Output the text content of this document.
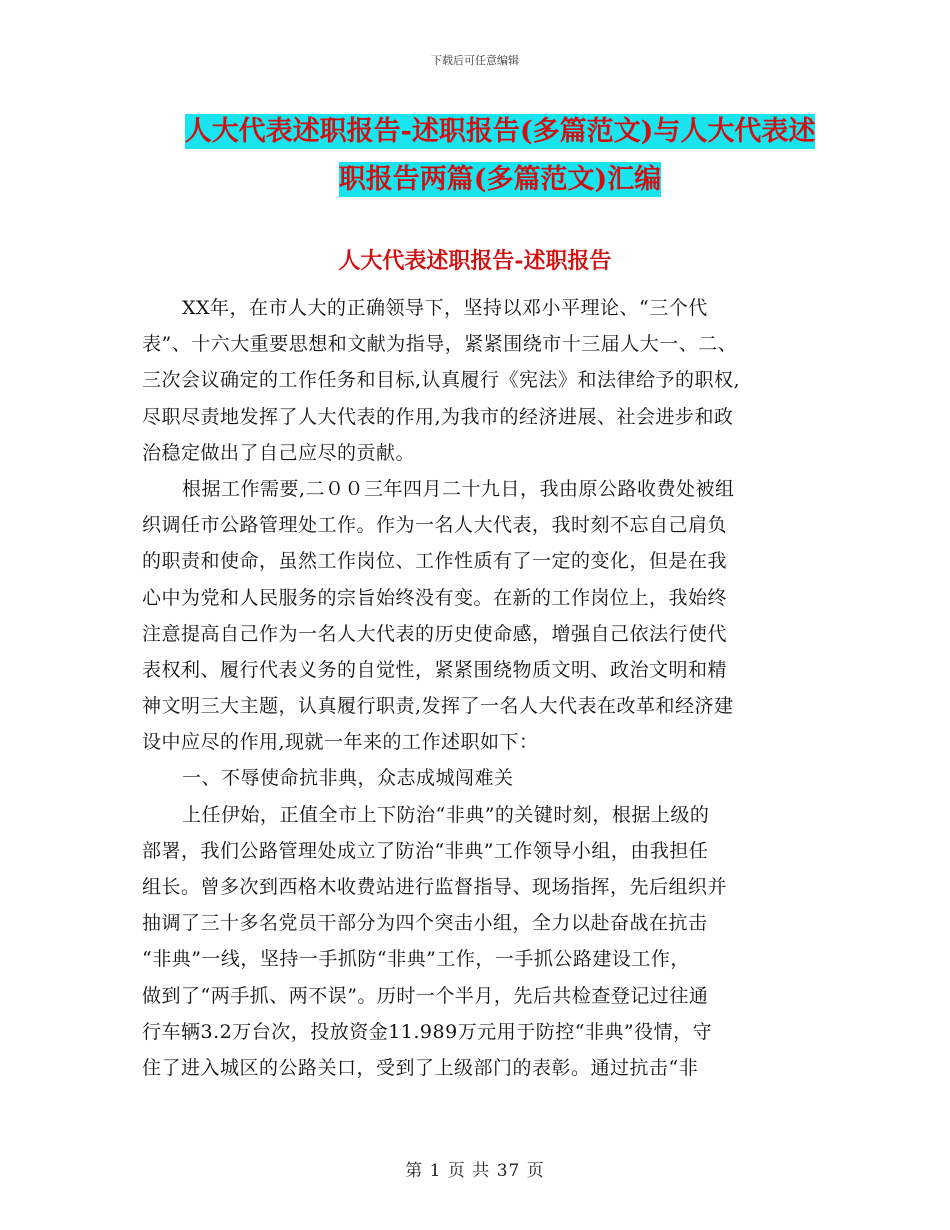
下载后可任意编辑
人大代表述职报告-述职报告(多篇范文)与人大代表述
职报告两篇(多篇范文)汇编
人大代表述职报告-述职报告
XX年，在市人大的正确领导下，坚持以邓小平理论、“三个代
表”、十六大重要思想和文献为指导，紧紧围绕市十三届人大一、二、
三次会议确定的工作任务和目标,认真履行《宪法》和法律给予的职权,
尽职尽责地发挥了人大代表的作用,为我市的经济进展、社会进步和政
治稳定做出了自己应尽的贡献。
根据工作需要,二００三年四月二十九日，我由原公路收费处被组
织调任市公路管理处工作。作为一名人大代表，我时刻不忘自己肩负
的职责和使命，虽然工作岗位、工作性质有了一定的变化，但是在我
心中为党和人民服务的宗旨始终没有变。在新的工作岗位上，我始终
注意提高自己作为一名人大代表的历史使命感，增强自己依法行使代
表权利、履行代表义务的自觉性，紧紧围绕物质文明、政治文明和精
神文明三大主题，认真履行职责,发挥了一名人大代表在改革和经济建
设中应尽的作用,现就一年来的工作述职如下：
一、不辱使命抗非典，众志成城闯难关
上任伊始，正值全市上下防治“非典”的关键时刻，根据上级的
部署，我们公路管理处成立了防治“非典”工作领导小组，由我担任
组长。曾多次到西格木收费站进行监督指导、现场指挥，先后组织并
抽调了三十多名党员干部分为四个突击小组，全力以赴奋战在抗击
“非典”一线，坚持一手抓防“非典”工作，一手抓公路建设工作，
做到了“两手抓、两不误”。历时一个半月，先后共检查登记过往通
行车辆3.2万台次，投放资金11.989万元用于防控“非典”役情，守
住了进入城区的公路关口，受到了上级部门的表彰。通过抗击“非
第 1 页 共 37 页
